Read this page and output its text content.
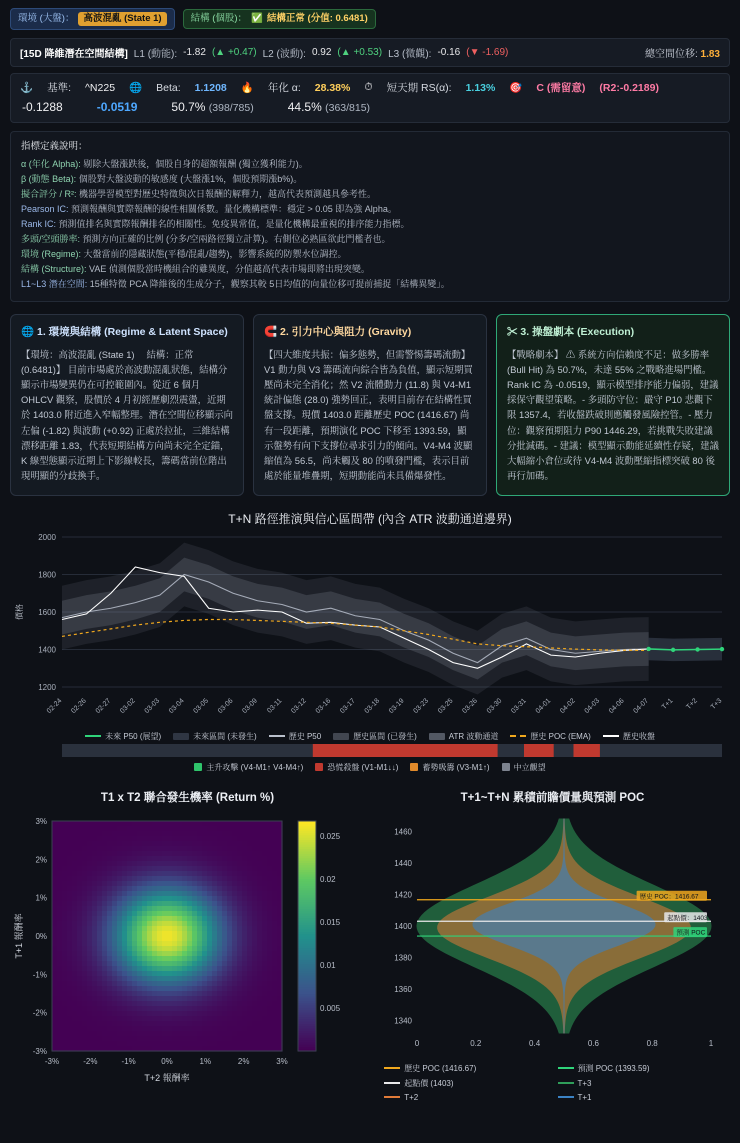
環境 (大盤)： 高波混亂 (State 1)	結構 (個股)： ✅ 結構正常 (分值: 0.6481)
[15D 降維潛在空間結構] L1 (動能): -1.82 (▲ +0.47) L2 (波動): 0.92 (▲ +0.53) L3 (微觀): -0.16 (▼ -1.69)	總空間位移: 1.83
⚓ 基準: ^N225 🌐 Beta: 1.1208 🔥 年化 α: 28.38% ⏱ 短天期 RS(α): 1.13% 🎯 C (需留意) (R2:-0.2189)
-0.1288	-0.0519	50.7% (398/785)	44.5% (363/815)
指標定義說明：
α (年化 Alpha): 剔除大盤漲跌後，個股自身的超額報酬 (獨立獲利能力)。
β (動態 Beta): 個股對大盤波動的敏感度 (大盤漲1%，個股預期漲b%)。
擬合評分 / R²: 機器學習模型對歷史特徵與次日報酬的解釋力，越高代表預測越具參考性。
Pearson IC: 預測報酬與實際報酬的線性相關係數。量化機構標準：穩定 > 0.05 即為強 Alpha。
Rank IC: 預測值排名與實際報酬排名的相關性。免疫異常值，是量化機構最重視的排序能力指標。
多頭/空頭勝率: 預測方向正確的比例 (分多/空兩路徑獨立計算)。右側位必熟區欲此門檻者也。
環境 (Regime): 大盤當前的隱藏狀態(平穩/混亂/趨勢)，影響系統的防禦水位調控。
結構 (Structure): VAE 偵測個股當時機組合的雞異度，分值越高代表市場即將出現突變。
L1~L3 潛在空間: 15種特徵 PCA 降維後的生成分子，觀察其較 5日均值的向量位移可提前捕捉「結構異變」。
🌐 1. 環境與結構 (Regime & Latent Space)

【環境：高波混亂 (State 1) 　結構：正常 (0.6481)】 目前市場處於高波動混亂狀態，結構分顯示市場變異仍在可控範圍內。從近 6 個月 OHLCV 觀察，股價於 4 月初經歷劇烈震盪，近期於 1403.0 附近進入窄幅整理。潛在空間位移顯示向左偏 (-1.82) 與波動 (+0.92) 正處於拉扯，三維結構漂移距離 1.83，代表短期結構方向尚未完全定錨，K 線型態顯示近期上下影線較長，籌碼當前位階出現明顯的分歧換手。

🧲 2. 引力中心與阻力 (Gravity)

【四大維度共振：偏多態勢，但需警惕籌碼流動】 V1 動力與 V3 籌碼流向綜合皆為負值，顯示短期買壓尚未完全消化；然 V2 流體動力 (11.8) 與 V4-M1 統計偏態 (28.0) 強勢回正，表明目前存在結構性買盤支撐。現價 1403.0 距離歷史 POC (1416.67) 尚有一段距離，預期演化 POC 下移至 1393.59，顯示盤勢有向下支撐位尋求引力的傾向。V4-M4 波顯縮值為 56.5，尚未觸及 80 的噴發門檻，表示目前處於能量堆疊期，短期動能尚未具備爆發性。

✂ 3. 操盤劇本 (Execution)

【戰略劇本】 ⚠ 系統方向信賴度不足：做多勝率 (Bull Hit) 為 50.7%，未達 55% 之戰略進場門檻。Rank IC 為 -0.0519，顯示模型排序能力偏弱，建議採保守觀望策略。- 多頭防守位：嚴守 P10 悲觀下限 1357.4，若收盤跌破則應觸發風險控管。- 壓力位：觀察預期阻力 P90 1446.29，若挑戰失敗建議分批減碼。- 建議：模型顯示動能延續性存疑，建議大幅縮小倉位或待 V4-M4 波動壓縮指標突破 80 後再行加碼。

T+N 路徑推演與信心區間帶 (內含 ATR 波動通道邊界)
1200
1400
1600
1800
2000
價格
02-24 02-26 02-27 03-02 03-03 03-04 03-05 03-06 03-09 03-11 03-12 03-16 03-17 03-18 03-19 03-23 03-25 03-26 03-30 03-31 04-01 04-02 04-03 04-06 04-07 T+1 T+2 T+3
未來 P50 (展望)	未來區間 (未發生)	歷史 P50	歷史區間 (已發生)	ATR 波動通道	歷史 POC (EMA)	歷史收盤
主升攻擊 (V4-M1↑ V4-M4↑)	恐慌殺盤 (V1-M1↓↓)	蓄勢吸籌 (V3-M1↑)	中立觀望
T1 x T2 聯合發生機率 (Return %)
-3%
-2%
-1%
0%
1%
2%
3%
-3%	-2%	-1%	0%	1%	2%	3%
T+2 報酬率
T+1 報酬率
0.005
0.01
0.015
0.02
0.025
T+1~T+N 累積前瞻價量與預測 POC
1340
1360
1380
1400
1420
1440
1460
0	0.2	0.4	0.6	0.8	1
歷史 POC：1416.67
起點價：1403
預測 POC
歷史 POC (1416.67)	預測 POC (1393.59)
起點價 (1403)	T+3
T+2	T+1
